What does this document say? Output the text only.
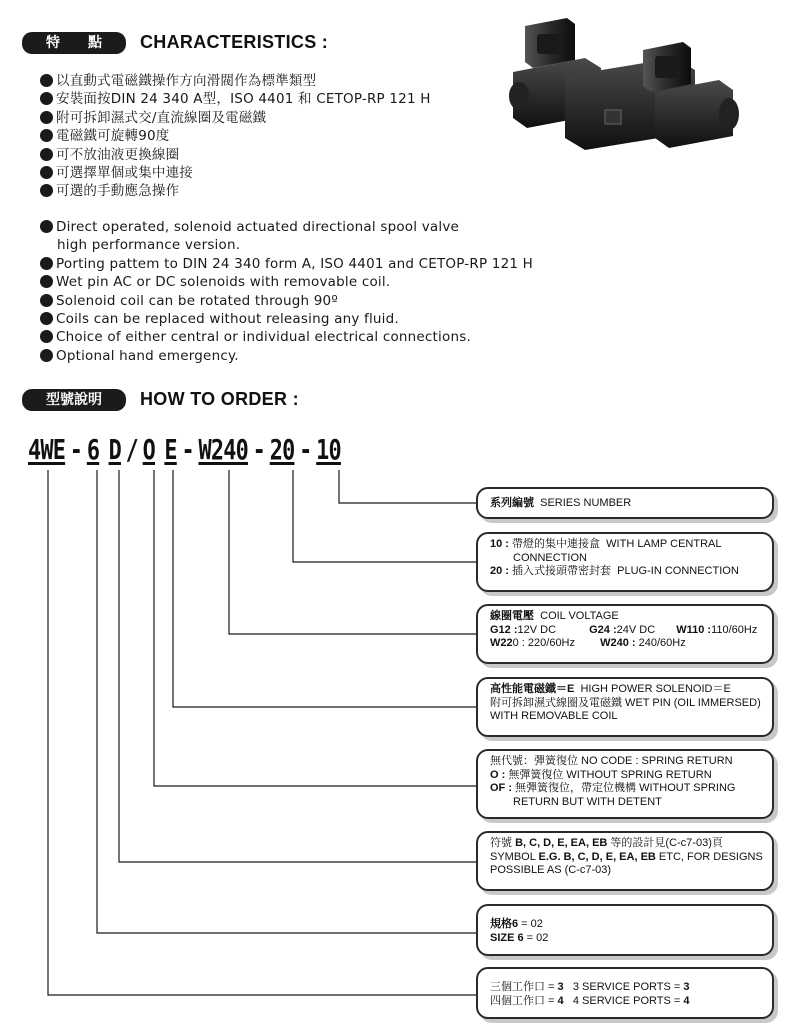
特　　點	CHARACTERISTICS :
以直動式電磁鐵操作方向滑閥作為標準類型
安裝面按DIN 24 340 A型，ISO 4401 和 CETOP-RP 121 H
附可拆卸濕式交/直流線圈及電磁鐵
電磁鐵可旋轉90度
可不放油液更換線圈
可選擇單個或集中連接
可選的手動應急操作
Direct operated, solenoid actuated directional spool valve
high performance version.
Porting pattem to DIN 24 340 form A, ISO 4401 and CETOP-RP 121 H
Wet pin AC or DC solenoids with removable coil.
Solenoid coil can be rotated through 90º
Coils can be replaced without releasing any fluid.
Choice of either central or individual electrical connections.
Optional hand emergency.
型號說明	HOW TO ORDER :
4WE - 6 D / O E - W240 - 20 - 10
系列編號 SERIES NUMBER
10 : 帶燈的集中連接盒 WITH LAMP CENTRAL
CONNECTION
20 : 插入式接頭帶密封套 PLUG-IN CONNECTION
線圈電壓 COIL VOLTAGE
G12 :12V DC	G24 :24V DC W110 :110/60Hz
W220 : 220/60Hz W240 : 240/60Hz
高性能電磁鐵＝E HIGH POWER SOLENOID＝E
附可拆卸濕式線圈及電磁鐵 WET PIN (OIL IMMERSED)
WITH REMOVABLE COIL
無代號：彈簧復位 NO CODE : SPRING RETURN
O : 無彈簧復位 WITHOUT SPRING RETURN
OF : 無彈簧復位，帶定位機構 WITHOUT SPRING
RETURN BUT WITH DETENT
符號 B, C, D, E, EA, EB 等的設計見(C-c7-03)頁
SYMBOL E.G. B, C, D, E, EA, EB ETC, FOR DESIGNS
POSSIBLE AS (C-c7-03)
規格6 = 02
SIZE 6 = 02
三個工作口 = 3   3 SERVICE PORTS = 3
四個工作口 = 4   4 SERVICE PORTS = 4
